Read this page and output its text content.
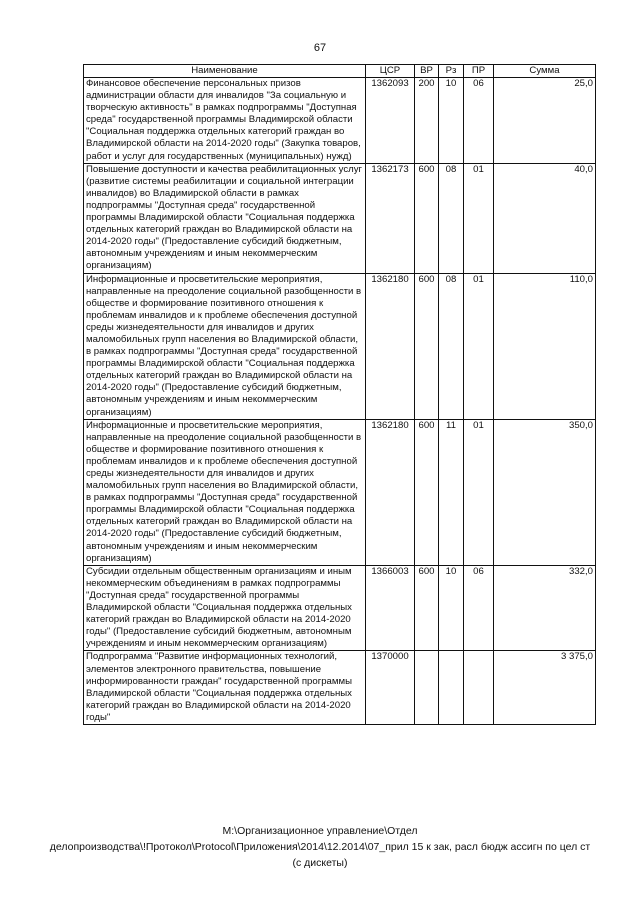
67
Наименование	ЦСР	ВР	Рз	ПР	Сумма
Финансовое обеспечение персональных призов администрации области для инвалидов "За социальную и творческую активность" в рамках подпрограммы "Доступная среда" государственной программы Владимирской области "Социальная поддержка отдельных категорий граждан во Владимирской области на 2014-2020 годы" (Закупка товаров, работ и услуг для государственных (муниципальных) нужд)	1362093	200	10	06	25,0
Повышение доступности и качества реабилитационных услуг (развитие системы реабилитации и социальной интеграции инвалидов) во Владимирской области в рамках подпрограммы "Доступная среда" государственной программы Владимирской области "Социальная поддержка отдельных категорий граждан во Владимирской области на 2014-2020 годы" (Предоставление субсидий бюджетным, автономным учреждениям и иным некоммерческим организациям)	1362173	600	08	01	40,0
Информационные и просветительские мероприятия, направленные на преодоление социальной разобщенности в обществе и формирование позитивного отношения к проблемам инвалидов и к проблеме обеспечения доступной среды жизнедеятельности для инвалидов и других маломобильных групп населения во Владимирской области, в рамках подпрограммы "Доступная среда" государственной программы Владимирской области "Социальная поддержка отдельных категорий граждан во Владимирской области на 2014-2020 годы" (Предоставление субсидий бюджетным, автономным учреждениям и иным некоммерческим организациям)	1362180	600	08	01	110,0
Информационные и просветительские мероприятия, направленные на преодоление социальной разобщенности в обществе и формирование позитивного отношения к проблемам инвалидов и к проблеме обеспечения доступной среды жизнедеятельности для инвалидов и других маломобильных групп населения во Владимирской области, в рамках подпрограммы "Доступная среда" государственной программы Владимирской области "Социальная поддержка отдельных категорий граждан во Владимирской области на 2014-2020 годы" (Предоставление субсидий бюджетным, автономным учреждениям и иным некоммерческим организациям)	1362180	600	11	01	350,0
Субсидии отдельным общественным организациям и иным некоммерческим объединениям в рамках подпрограммы "Доступная среда" государственной программы Владимирской области "Социальная поддержка отдельных категорий граждан во Владимирской области на 2014-2020 годы" (Предоставление субсидий бюджетным, автономным учреждениям и иным некоммерческим организациям)	1366003	600	10	06	332,0
Подпрограмма "Развитие информационных технологий, элементов электронного правительства, повышение информированности граждан" государственной программы Владимирской области "Социальная поддержка отдельных категорий граждан во Владимирской области на 2014-2020 годы"	1370000				3 375,0
М:\Организационное управление\Отдел
делопроизводства\!Протокол\Protocol\Приложения\2014\12.2014\07_прил 15 к зак, расл бюдж ассигн по цел ст
(с дискеты)
